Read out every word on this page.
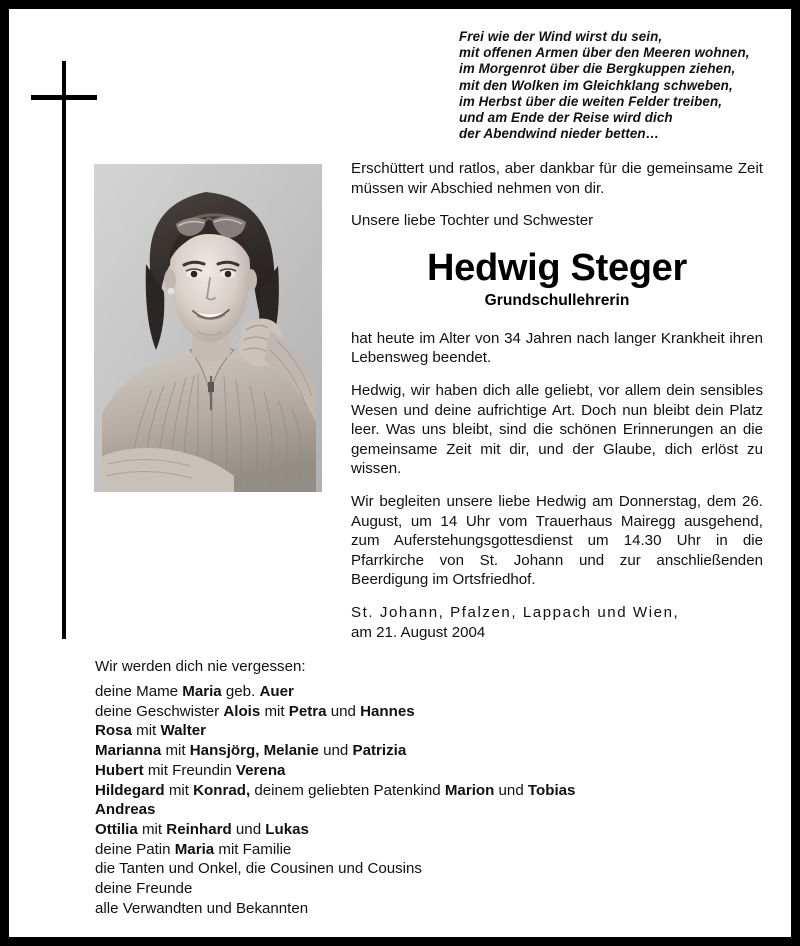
Frei wie der Wind wirst du sein,
mit offenen Armen über den Meeren wohnen,
im Morgenrot über die Bergkuppen ziehen,
mit den Wolken im Gleichklang schweben,
im Herbst über die weiten Felder treiben,
und am Ende der Reise wird dich
der Abendwind nieder betten…

Erschüttert und ratlos, aber dankbar für die gemeinsame Zeit müssen wir Abschied nehmen von dir.

Unsere liebe Tochter und Schwester

Hedwig Steger
Grundschullehrerin

hat heute im Alter von 34 Jahren nach langer Krankheit ihren Lebensweg beendet.

Hedwig, wir haben dich alle geliebt, vor allem dein sensibles Wesen und deine aufrichtige Art. Doch nun bleibt dein Platz leer. Was uns bleibt, sind die schönen Erinnerungen an die gemeinsame Zeit mit dir, und der Glaube, dich erlöst zu wissen.

Wir begleiten unsere liebe Hedwig am Donnerstag, dem 26. August, um 14 Uhr vom Trauerhaus Mairegg ausgehend, zum Auferstehungsgottesdienst um 14.30 Uhr in die Pfarrkirche von St. Johann und zur anschließenden Beerdigung im Ortsfriedhof.

St. Johann, Pfalzen, Lappach und Wien,

am 21. August 2004

Wir werden dich nie vergessen:
deine Mame Maria geb. Auer
deine Geschwister Alois mit Petra und Hannes
Rosa mit Walter
Marianna mit Hansjörg, Melanie und Patrizia
Hubert mit Freundin Verena
Hildegard mit Konrad, deinem geliebten Patenkind Marion und Tobias
Andreas
Ottilia mit Reinhard und Lukas
deine Patin Maria mit Familie
die Tanten und Onkel, die Cousinen und Cousins
deine Freunde
alle Verwandten und Bekannten
